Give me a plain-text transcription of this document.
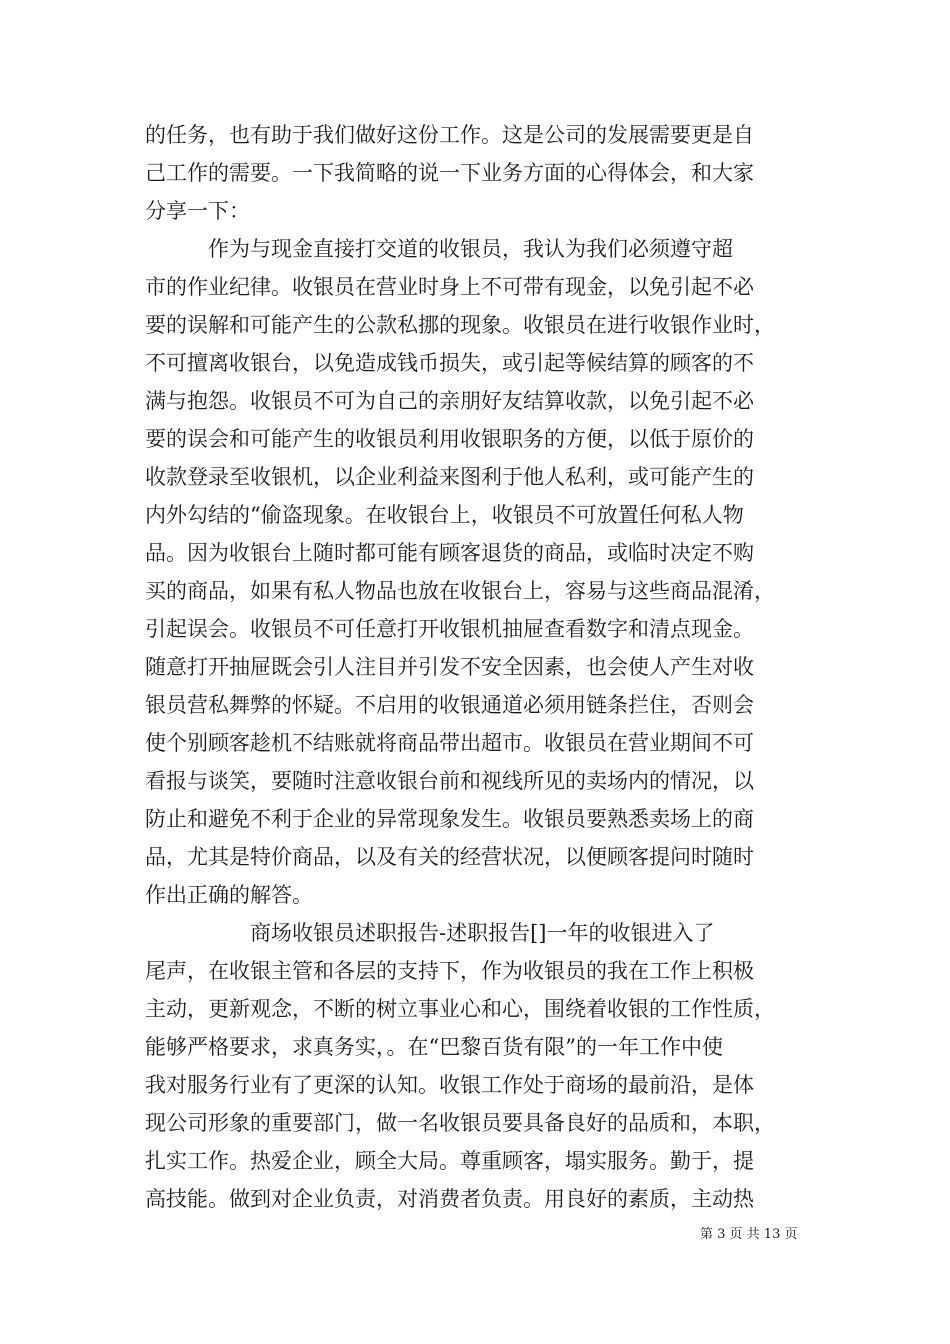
的任务，也有助于我们做好这份工作。这是公司的发展需要更是自
己工作的需要。一下我简略的说一下业务方面的心得体会，和大家
分享一下：
　　　作为与现金直接打交道的收银员，我认为我们必须遵守超
市的作业纪律。收银员在营业时身上不可带有现金，以免引起不必
要的误解和可能产生的公款私挪的现象。收银员在进行收银作业时，
不可擅离收银台，以免造成钱币损失，或引起等候结算的顾客的不
满与抱怨。收银员不可为自己的亲朋好友结算收款，以免引起不必
要的误会和可能产生的收银员利用收银职务的方便，以低于原价的
收款登录至收银机，以企业利益来图利于他人私利，或可能产生的
内外勾结的“偷盗现象。在收银台上，收银员不可放置任何私人物
品。因为收银台上随时都可能有顾客退货的商品，或临时决定不购
买的商品，如果有私人物品也放在收银台上，容易与这些商品混淆，
引起误会。收银员不可任意打开收银机抽屉查看数字和清点现金。
随意打开抽屉既会引人注目并引发不安全因素，也会使人产生对收
银员营私舞弊的怀疑。不启用的收银通道必须用链条拦住，否则会
使个别顾客趁机不结账就将商品带出超市。收银员在营业期间不可
看报与谈笑，要随时注意收银台前和视线所见的卖场内的情况，以
防止和避免不利于企业的异常现象发生。收银员要熟悉卖场上的商
品，尤其是特价商品，以及有关的经营状况，以便顾客提问时随时
作出正确的解答。
　　　　　商场收银员述职报告-述职报告[]一年的收银进入了
尾声，在收银主管和各层的支持下，作为收银员的我在工作上积极
主动，更新观念，不断的树立事业心和心，围绕着收银的工作性质，
能够严格要求，求真务实，。在“巴黎百货有限”的一年工作中使
我对服务行业有了更深的认知。收银工作处于商场的最前沿，是体
现公司形象的重要部门，做一名收银员要具备良好的品质和，本职，
扎实工作。热爱企业，顾全大局。尊重顾客，塌实服务。勤于，提
高技能。做到对企业负责，对消费者负责。用良好的素质，主动热
第 3 页 共 13 页
